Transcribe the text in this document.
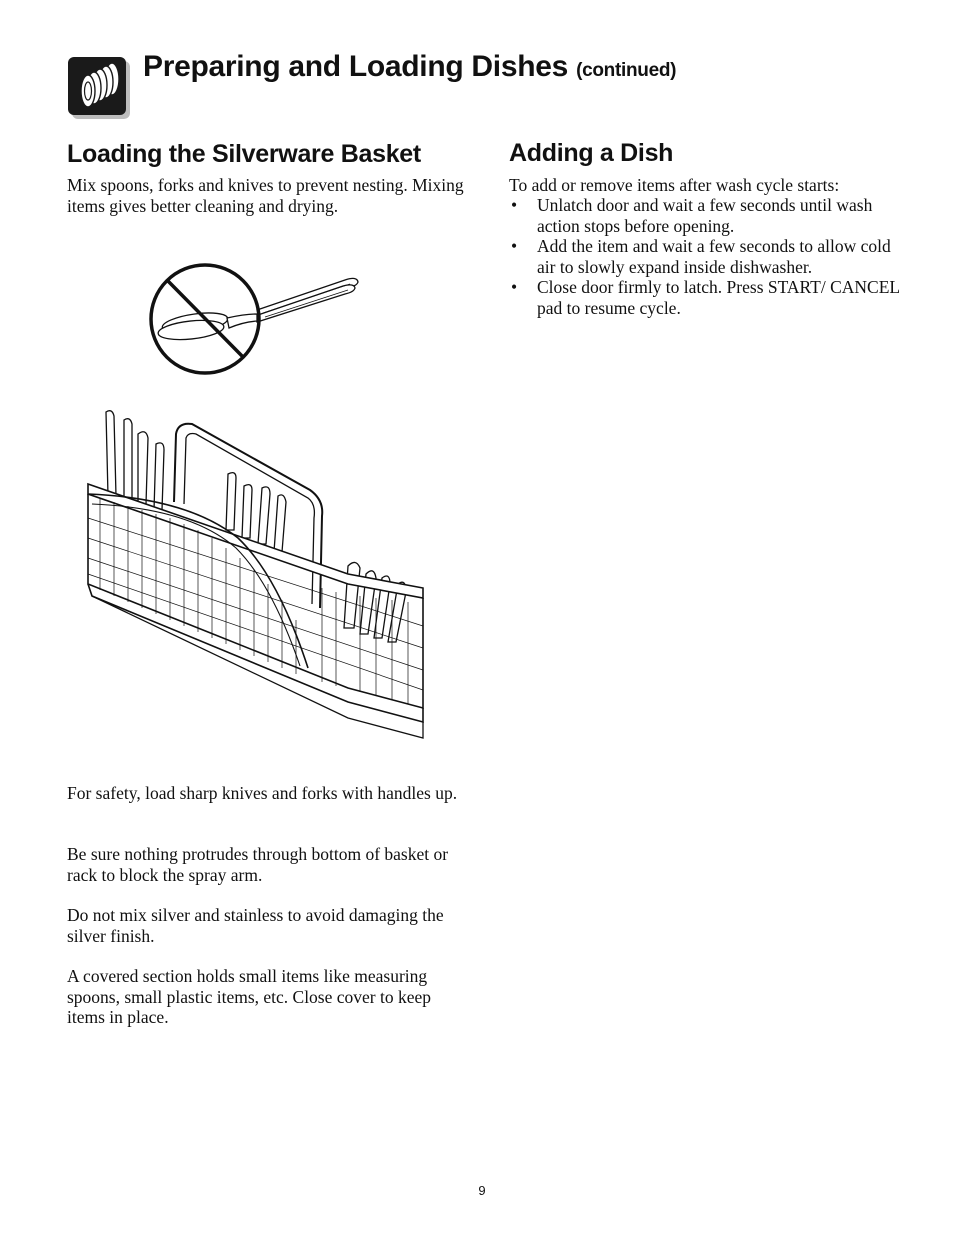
Preparing and Loading Dishes (continued)
Loading the Silverware Basket

Mix spoons, forks and knives to prevent nesting. Mixing items gives better cleaning and drying.

For safety, load sharp knives and forks with handles up.

Be sure nothing protrudes through bottom of basket or rack to block the spray arm.

Do not mix silver and stainless to avoid damaging the silver finish.

A covered section holds small items like measuring spoons, small plastic items, etc. Close cover to keep items in place.

Adding a Dish

To add or remove items after wash cycle starts:

• Unlatch door and wait a few seconds until wash action stops before opening.
• Add the item and wait a few seconds to allow cold air to slowly expand inside dishwasher.
• Close door firmly to latch. Press START/ CANCEL pad to resume cycle.
9
